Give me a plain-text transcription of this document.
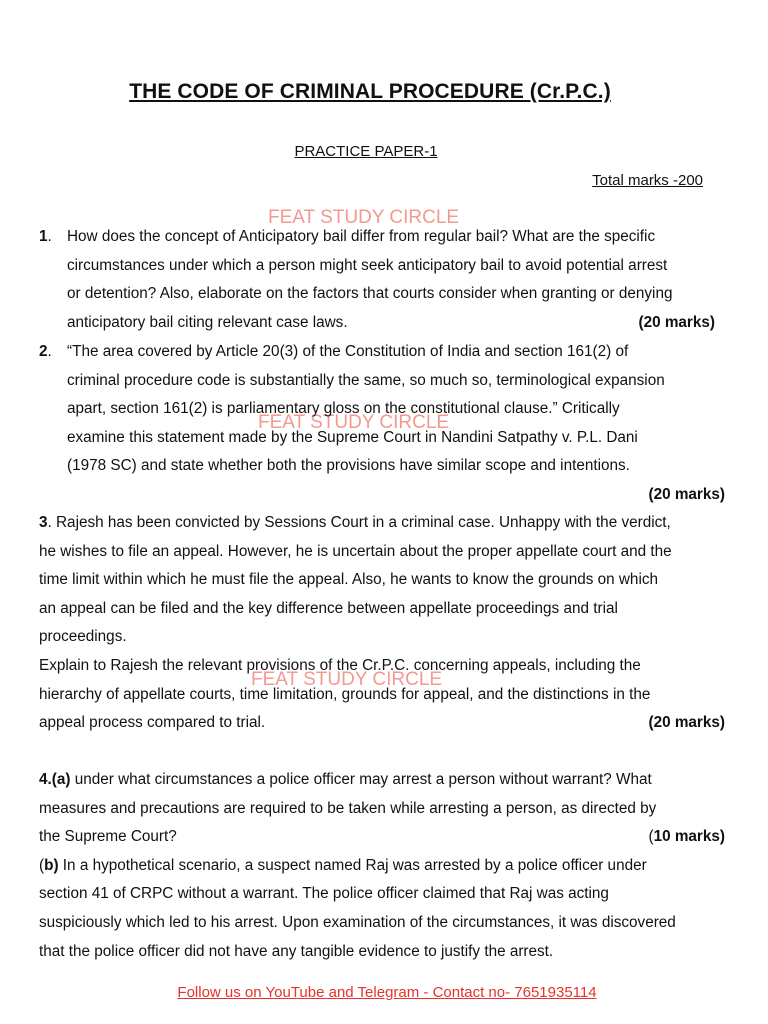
THE CODE OF CRIMINAL PROCEDURE (Cr.P.C.)
PRACTICE PAPER-1
Total marks -200
FEAT STUDY CIRCLE
FEAT STUDY CIRCLE
FEAT STUDY CIRCLE
1. How does the concept of Anticipatory bail differ from regular bail? What are the specific
circumstances under which a person might seek anticipatory bail to avoid potential arrest
or detention? Also, elaborate on the factors that courts consider when granting or denying
anticipatory bail citing relevant case laws.	(20 marks)
2. “The area covered by Article 20(3) of the Constitution of India and section 161(2) of
criminal procedure code is substantially the same, so much so, terminological expansion
apart, section 161(2) is parliamentary gloss on the constitutional clause.” Critically
examine this statement made by the Supreme Court in Nandini Satpathy v. P.L. Dani
(1978 SC) and state whether both the provisions have similar scope and intentions.
(20 marks)
3. Rajesh has been convicted by Sessions Court in a criminal case. Unhappy with the verdict,
he wishes to file an appeal. However, he is uncertain about the proper appellate court and the
time limit within which he must file the appeal. Also, he wants to know the grounds on which
an appeal can be filed and the key difference between appellate proceedings and trial
proceedings.
Explain to Rajesh the relevant provisions of the Cr.P.C. concerning appeals, including the
hierarchy of appellate courts, time limitation, grounds for appeal, and the distinctions in the
appeal process compared to trial.	(20 marks)
4.(a) under what circumstances a police officer may arrest a person without warrant? What
measures and precautions are required to be taken while arresting a person, as directed by
the Supreme Court?	(10 marks)
(b) In a hypothetical scenario, a suspect named Raj was arrested by a police officer under
section 41 of CRPC without a warrant. The police officer claimed that Raj was acting
suspiciously which led to his arrest. Upon examination of the circumstances, it was discovered
that the police officer did not have any tangible evidence to justify the arrest.
Follow us on YouTube and Telegram - Contact no- 7651935114
